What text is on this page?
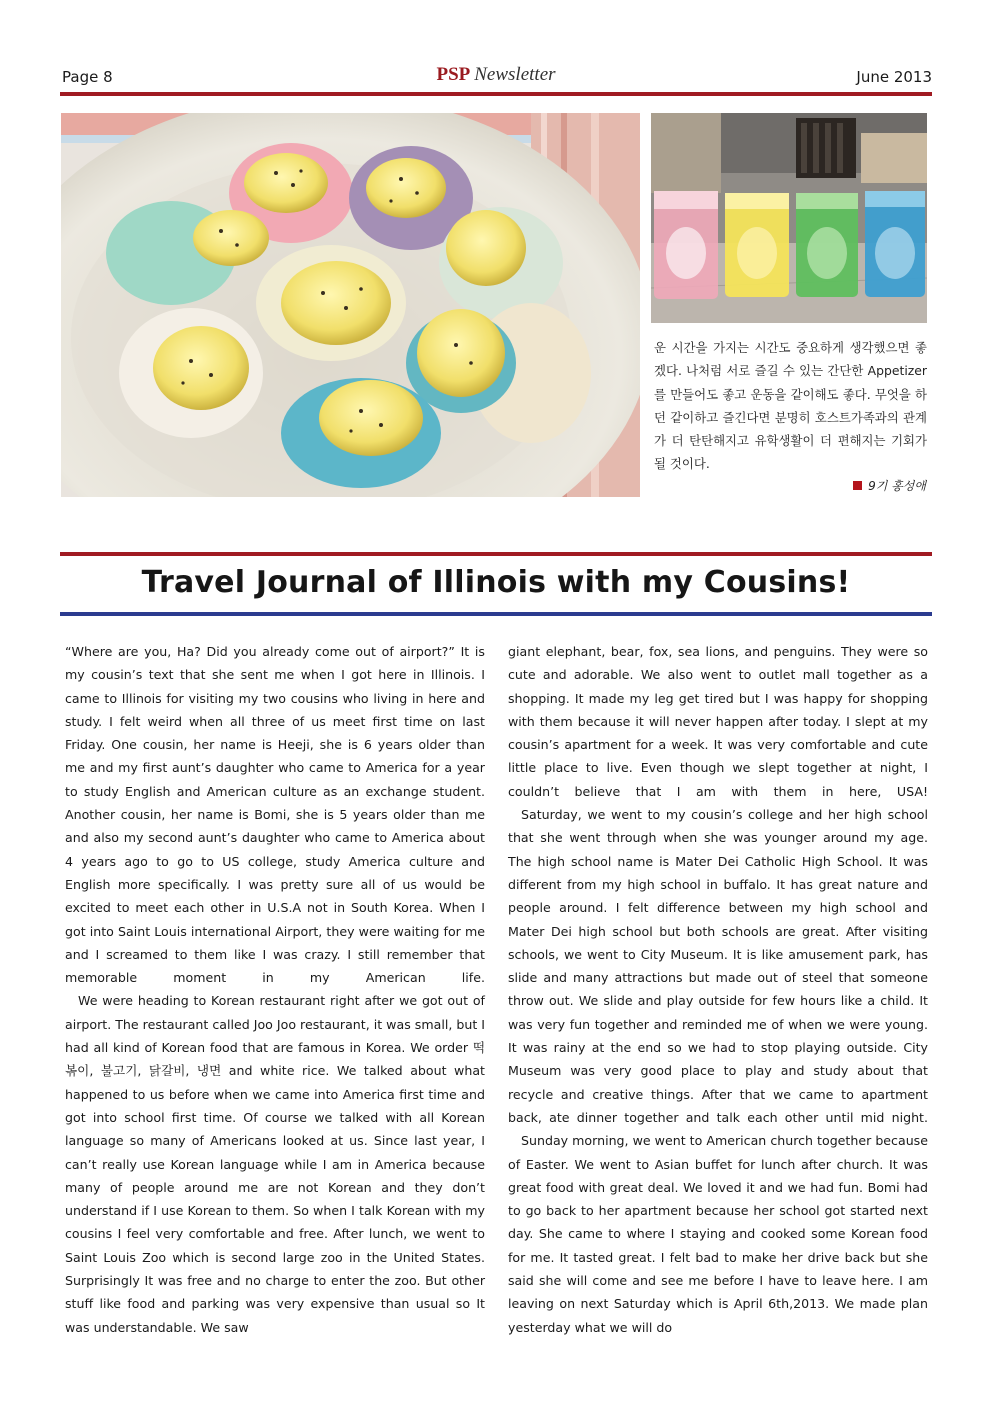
Page 8	PSP Newsletter	June 2013
운 시간을 가지는 시간도 중요하게 생각했으면 좋겠다. 나처럼 서로 즐길 수 있는 간단한 Appetizer를 만들어도 좋고 운동을 같이해도 좋다. 무엇을 하던 같이하고 즐긴다면 분명히 호스트가족과의 관계가 더 탄탄해지고 유학생활이 더 편해지는 기회가 될 것이다.
9기 홍성애
Travel Journal of Illinois with my Cousins!

“Where are you, Ha? Did you already come out of airport?” It is my cousin’s text that she sent me when I got here in Illinois. I came to Illinois for visiting my two cousins who living in here and study. I felt weird when all three of us meet first time on last Friday. One cousin, her name is Heeji, she is 6 years older than me and my first aunt’s daughter who came to America for a year to study English and American culture as an exchange student. Another cousin, her name is Bomi, she is 5 years older than me and also my second aunt’s daughter who came to America about 4 years ago to go to US college, study America culture and English more specifically. I was pretty sure all of us would be excited to meet each other in U.S.A not in South Korea. When I got into Saint Louis international Airport, they were waiting for me and I screamed to them like I was crazy. I still remember that memorable moment in my American life.

We were heading to Korean restaurant right after we got out of airport. The restaurant called Joo Joo restaurant, it was small, but I had all kind of Korean food that are famous in Korea. We order 떡볶이, 불고기, 닭갈비, 냉면 and white rice. We talked about what happened to us before when we came into America first time and got into school first time. Of course we talked with all Korean language so many of Americans looked at us. Since last year, I can’t really use Korean language while I am in America because many of people around me are not Korean and they don’t understand if I use Korean to them. So when I talk Korean with my cousins I feel very comfortable and free. After lunch, we went to Saint Louis Zoo which is second large zoo in the United States. Surprisingly It was free and no charge to enter the zoo. But other stuff like food and parking was very expensive than usual so It was understandable. We saw

giant elephant, bear, fox, sea lions, and penguins. They were so cute and adorable. We also went to outlet mall together as a shopping. It made my leg get tired but I was happy for shopping with them because it will never happen after today. I slept at my cousin’s apartment for a week. It was very comfortable and cute little place to live. Even though we slept together at night, I couldn’t believe that I am with them in here, USA!

Saturday, we went to my cousin’s college and her high school that she went through when she was younger around my age. The high school name is Mater Dei Catholic High School. It was different from my high school in buffalo. It has great nature and people around. I felt difference between my high school and Mater Dei high school but both schools are great. After visiting schools, we went to City Museum. It is like amusement park, has slide and many attractions but made out of steel that someone throw out. We slide and play outside for few hours like a child. It was very fun together and reminded me of when we were young. It was rainy at the end so we had to stop playing outside. City Museum was very good place to play and study about that recycle and creative things. After that we came to apartment back, ate dinner together and talk each other until mid night.

Sunday morning, we went to American church together because of Easter. We went to Asian buffet for lunch after church. It was great food with great deal. We loved it and we had fun. Bomi had to go back to her apartment because her school got started next day. She came to where I staying and cooked some Korean food for me. It tasted great. I felt bad to make her drive back but she said she will come and see me before I have to leave here. I am leaving on next Saturday which is April 6th,2013. We made plan yesterday what we will do
